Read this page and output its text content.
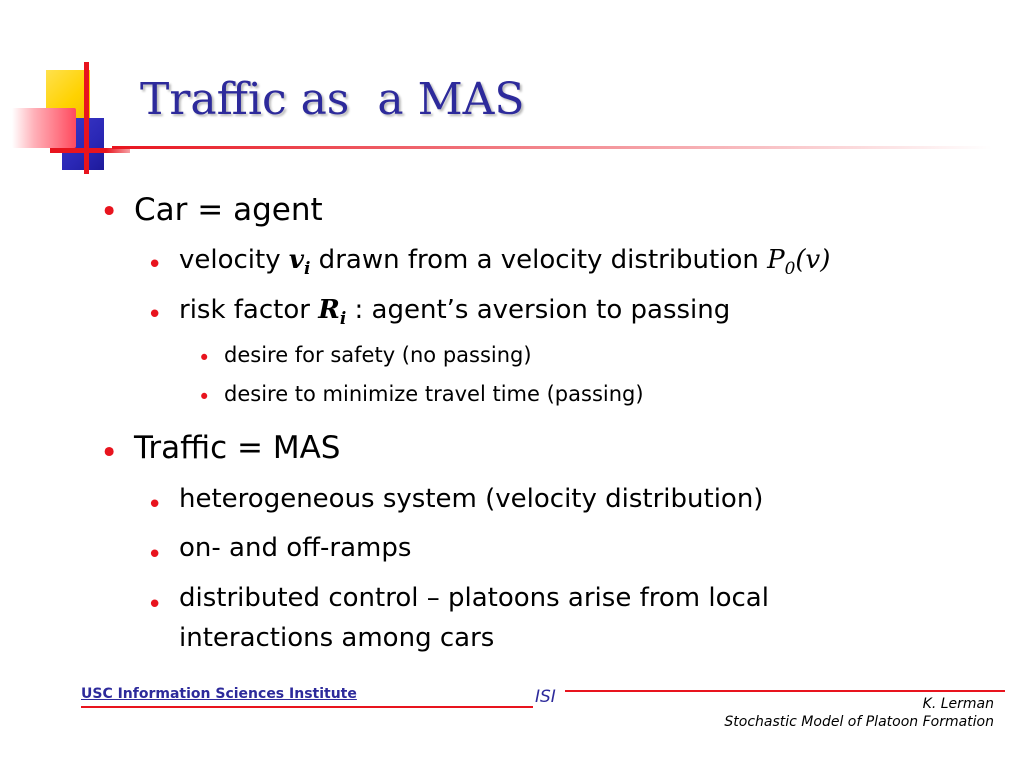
Traffic as  a MAS
• Car = agent
• velocity $v_i$ drawn from a velocity distribution $P_0(v)$
• risk factor $R_i$ : agent’s aversion to passing
• desire for safety (no passing)
• desire to minimize travel time (passing)
• Traffic = MAS
• heterogeneous system (velocity distribution)
• on- and off-ramps
• distributed control – platoons arise from local
interactions among cars
USC Information Sciences Institute	ISI	K. Lerman
Stochastic Model of Platoon Formation
